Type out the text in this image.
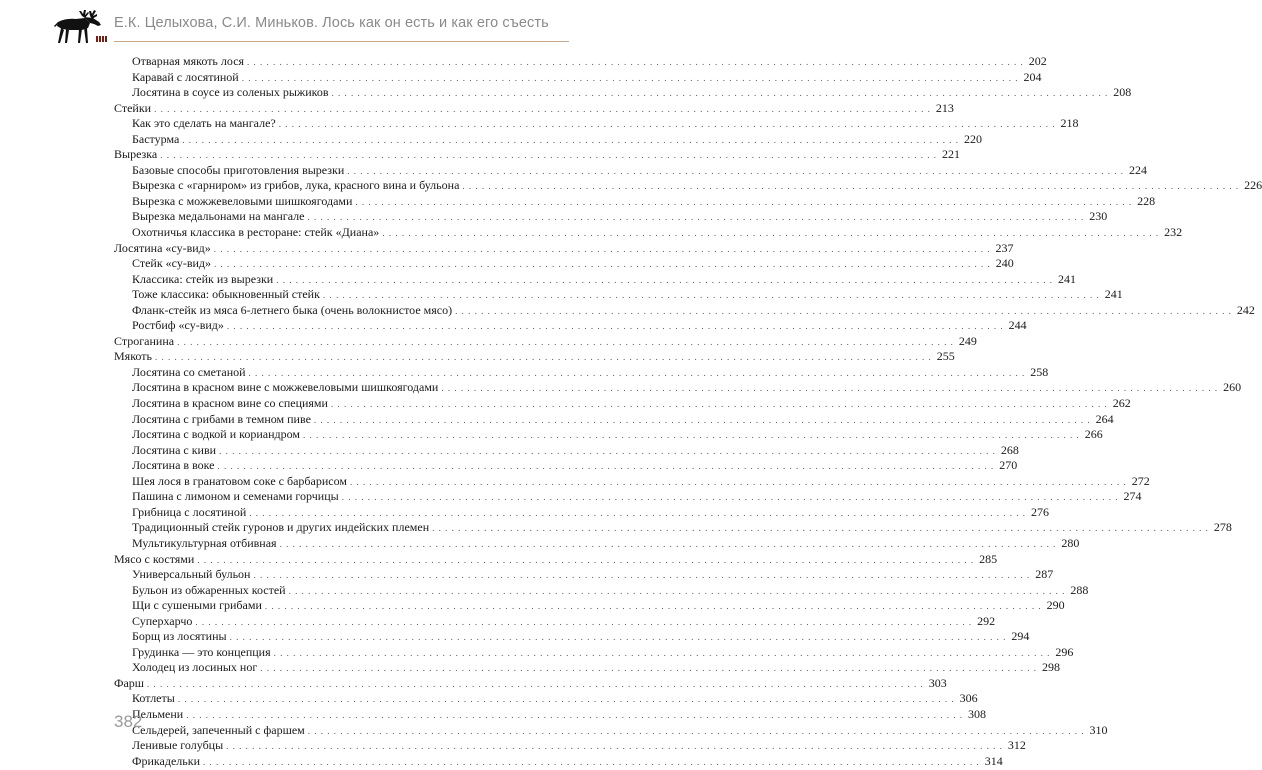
Е.К. Целыхова, С.И. Миньков. Лось как он есть и как его съесть
Отварная мякоть лося . . . . . . . . . . . . . . . . . . . . . . . . . . . . . . . . . . . . . . . . . . . . . . . . . . . . . . . . . . . . . . . . . . . . . . . . . . . . . . . . . . . . . . . . . . . . . . . . . . . . . . . . . . . . . . . . . . . . . . . . 202
Каравай с лосятиной . . . . . . . . . . . . . . . . . . . . . . . . . . . . . . . . . . . . . . . . . . . . . . . . . . . . . . . . . . . . . . . . . . . . . . . . . . . . . . . . . . . . . . . . . . . . . . . . . . . . . . . . . . . . . . . . . . . . . . . . 204
Лосятина в соусе из соленых рыжиков . . . . . . . . . . . . . . . . . . . . . . . . . . . . . . . . . . . . . . . . . . . . . . . . . . . . . . . . . . . . . . . . . . . . . . . . . . . . . . . . . . . . . . . . . . . . . . . . . . . . . . . . . . . . . . . . . . . . . . . . 208
Стейки . . . . . . . . . . . . . . . . . . . . . . . . . . . . . . . . . . . . . . . . . . . . . . . . . . . . . . . . . . . . . . . . . . . . . . . . . . . . . . . . . . . . . . . . . . . . . . . . . . . . . . . . . . . . . . . . . . . . . . . . 213
Как это сделать на мангале? . . . . . . . . . . . . . . . . . . . . . . . . . . . . . . . . . . . . . . . . . . . . . . . . . . . . . . . . . . . . . . . . . . . . . . . . . . . . . . . . . . . . . . . . . . . . . . . . . . . . . . . . . . . . . . . . . . . . . . . . 218
Бастурма . . . . . . . . . . . . . . . . . . . . . . . . . . . . . . . . . . . . . . . . . . . . . . . . . . . . . . . . . . . . . . . . . . . . . . . . . . . . . . . . . . . . . . . . . . . . . . . . . . . . . . . . . . . . . . . . . . . . . . . . 220
Вырезка . . . . . . . . . . . . . . . . . . . . . . . . . . . . . . . . . . . . . . . . . . . . . . . . . . . . . . . . . . . . . . . . . . . . . . . . . . . . . . . . . . . . . . . . . . . . . . . . . . . . . . . . . . . . . . . . . . . . . . . . 221
Базовые способы приготовления вырезки . . . . . . . . . . . . . . . . . . . . . . . . . . . . . . . . . . . . . . . . . . . . . . . . . . . . . . . . . . . . . . . . . . . . . . . . . . . . . . . . . . . . . . . . . . . . . . . . . . . . . . . . . . . . . . . . . . . . . . . . 224
Вырезка с «гарниром» из грибов, лука, красного вина и бульона . . . . . . . . . . . . . . . . . . . . . . . . . . . . . . . . . . . . . . . . . . . . . . . . . . . . . . . . . . . . . . . . . . . . . . . . . . . . . . . . . . . . . . . . . . . . . . . . . . . . . . . . . . . . . . . . . . . . . . . . 226
Вырезка с можжевеловыми шишкоягодами . . . . . . . . . . . . . . . . . . . . . . . . . . . . . . . . . . . . . . . . . . . . . . . . . . . . . . . . . . . . . . . . . . . . . . . . . . . . . . . . . . . . . . . . . . . . . . . . . . . . . . . . . . . . . . . . . . . . . . . . 228
Вырезка медальонами на мангале . . . . . . . . . . . . . . . . . . . . . . . . . . . . . . . . . . . . . . . . . . . . . . . . . . . . . . . . . . . . . . . . . . . . . . . . . . . . . . . . . . . . . . . . . . . . . . . . . . . . . . . . . . . . . . . . . . . . . . . . 230
Охотничья классика в ресторане: стейк «Диана» . . . . . . . . . . . . . . . . . . . . . . . . . . . . . . . . . . . . . . . . . . . . . . . . . . . . . . . . . . . . . . . . . . . . . . . . . . . . . . . . . . . . . . . . . . . . . . . . . . . . . . . . . . . . . . . . . . . . . . . . 232
Лосятина «су-вид» . . . . . . . . . . . . . . . . . . . . . . . . . . . . . . . . . . . . . . . . . . . . . . . . . . . . . . . . . . . . . . . . . . . . . . . . . . . . . . . . . . . . . . . . . . . . . . . . . . . . . . . . . . . . . . . . . . . . . . . . 237
Стейк «су-вид» . . . . . . . . . . . . . . . . . . . . . . . . . . . . . . . . . . . . . . . . . . . . . . . . . . . . . . . . . . . . . . . . . . . . . . . . . . . . . . . . . . . . . . . . . . . . . . . . . . . . . . . . . . . . . . . . . . . . . . . . 240
Классика: стейк из вырезки . . . . . . . . . . . . . . . . . . . . . . . . . . . . . . . . . . . . . . . . . . . . . . . . . . . . . . . . . . . . . . . . . . . . . . . . . . . . . . . . . . . . . . . . . . . . . . . . . . . . . . . . . . . . . . . . . . . . . . . . 241
Тоже классика: обыкновенный стейк . . . . . . . . . . . . . . . . . . . . . . . . . . . . . . . . . . . . . . . . . . . . . . . . . . . . . . . . . . . . . . . . . . . . . . . . . . . . . . . . . . . . . . . . . . . . . . . . . . . . . . . . . . . . . . . . . . . . . . . . 241
Фланк-стейк из мяса 6-летнего быка (очень волокнистое мясо) . . . . . . . . . . . . . . . . . . . . . . . . . . . . . . . . . . . . . . . . . . . . . . . . . . . . . . . . . . . . . . . . . . . . . . . . . . . . . . . . . . . . . . . . . . . . . . . . . . . . . . . . . . . . . . . . . . . . . . . . 242
Ростбиф «су-вид» . . . . . . . . . . . . . . . . . . . . . . . . . . . . . . . . . . . . . . . . . . . . . . . . . . . . . . . . . . . . . . . . . . . . . . . . . . . . . . . . . . . . . . . . . . . . . . . . . . . . . . . . . . . . . . . . . . . . . . . . 244
Строганина . . . . . . . . . . . . . . . . . . . . . . . . . . . . . . . . . . . . . . . . . . . . . . . . . . . . . . . . . . . . . . . . . . . . . . . . . . . . . . . . . . . . . . . . . . . . . . . . . . . . . . . . . . . . . . . . . . . . . . . . 249
Мякоть . . . . . . . . . . . . . . . . . . . . . . . . . . . . . . . . . . . . . . . . . . . . . . . . . . . . . . . . . . . . . . . . . . . . . . . . . . . . . . . . . . . . . . . . . . . . . . . . . . . . . . . . . . . . . . . . . . . . . . . . 255
Лосятина со сметаной . . . . . . . . . . . . . . . . . . . . . . . . . . . . . . . . . . . . . . . . . . . . . . . . . . . . . . . . . . . . . . . . . . . . . . . . . . . . . . . . . . . . . . . . . . . . . . . . . . . . . . . . . . . . . . . . . . . . . . . . 258
Лосятина в красном вине с можжевеловыми шишкоягодами . . . . . . . . . . . . . . . . . . . . . . . . . . . . . . . . . . . . . . . . . . . . . . . . . . . . . . . . . . . . . . . . . . . . . . . . . . . . . . . . . . . . . . . . . . . . . . . . . . . . . . . . . . . . . . . . . . . . . . . . 260
Лосятина в красном вине со специями . . . . . . . . . . . . . . . . . . . . . . . . . . . . . . . . . . . . . . . . . . . . . . . . . . . . . . . . . . . . . . . . . . . . . . . . . . . . . . . . . . . . . . . . . . . . . . . . . . . . . . . . . . . . . . . . . . . . . . . . 262
Лосятина с грибами в темном пиве . . . . . . . . . . . . . . . . . . . . . . . . . . . . . . . . . . . . . . . . . . . . . . . . . . . . . . . . . . . . . . . . . . . . . . . . . . . . . . . . . . . . . . . . . . . . . . . . . . . . . . . . . . . . . . . . . . . . . . . . 264
Лосятина с водкой и кориандром . . . . . . . . . . . . . . . . . . . . . . . . . . . . . . . . . . . . . . . . . . . . . . . . . . . . . . . . . . . . . . . . . . . . . . . . . . . . . . . . . . . . . . . . . . . . . . . . . . . . . . . . . . . . . . . . . . . . . . . . 266
Лосятина с киви . . . . . . . . . . . . . . . . . . . . . . . . . . . . . . . . . . . . . . . . . . . . . . . . . . . . . . . . . . . . . . . . . . . . . . . . . . . . . . . . . . . . . . . . . . . . . . . . . . . . . . . . . . . . . . . . . . . . . . . . 268
Лосятина в воке . . . . . . . . . . . . . . . . . . . . . . . . . . . . . . . . . . . . . . . . . . . . . . . . . . . . . . . . . . . . . . . . . . . . . . . . . . . . . . . . . . . . . . . . . . . . . . . . . . . . . . . . . . . . . . . . . . . . . . . . 270
Шея лося в гранатовом соке с барбарисом . . . . . . . . . . . . . . . . . . . . . . . . . . . . . . . . . . . . . . . . . . . . . . . . . . . . . . . . . . . . . . . . . . . . . . . . . . . . . . . . . . . . . . . . . . . . . . . . . . . . . . . . . . . . . . . . . . . . . . . . 272
Пашина с лимоном и семенами горчицы . . . . . . . . . . . . . . . . . . . . . . . . . . . . . . . . . . . . . . . . . . . . . . . . . . . . . . . . . . . . . . . . . . . . . . . . . . . . . . . . . . . . . . . . . . . . . . . . . . . . . . . . . . . . . . . . . . . . . . . . 274
Грибница с лосятиной . . . . . . . . . . . . . . . . . . . . . . . . . . . . . . . . . . . . . . . . . . . . . . . . . . . . . . . . . . . . . . . . . . . . . . . . . . . . . . . . . . . . . . . . . . . . . . . . . . . . . . . . . . . . . . . . . . . . . . . . 276
Традиционный стейк гуронов и других индейских племен . . . . . . . . . . . . . . . . . . . . . . . . . . . . . . . . . . . . . . . . . . . . . . . . . . . . . . . . . . . . . . . . . . . . . . . . . . . . . . . . . . . . . . . . . . . . . . . . . . . . . . . . . . . . . . . . . . . . . . . . 278
Мультикультурная отбивная . . . . . . . . . . . . . . . . . . . . . . . . . . . . . . . . . . . . . . . . . . . . . . . . . . . . . . . . . . . . . . . . . . . . . . . . . . . . . . . . . . . . . . . . . . . . . . . . . . . . . . . . . . . . . . . . . . . . . . . . 280
Мясо с костями . . . . . . . . . . . . . . . . . . . . . . . . . . . . . . . . . . . . . . . . . . . . . . . . . . . . . . . . . . . . . . . . . . . . . . . . . . . . . . . . . . . . . . . . . . . . . . . . . . . . . . . . . . . . . . . . . . . . . . . . 285
Универсальный бульон . . . . . . . . . . . . . . . . . . . . . . . . . . . . . . . . . . . . . . . . . . . . . . . . . . . . . . . . . . . . . . . . . . . . . . . . . . . . . . . . . . . . . . . . . . . . . . . . . . . . . . . . . . . . . . . . . . . . . . . . 287
Бульон из обжаренных костей . . . . . . . . . . . . . . . . . . . . . . . . . . . . . . . . . . . . . . . . . . . . . . . . . . . . . . . . . . . . . . . . . . . . . . . . . . . . . . . . . . . . . . . . . . . . . . . . . . . . . . . . . . . . . . . . . . . . . . . . 288
Щи с сушеными грибами . . . . . . . . . . . . . . . . . . . . . . . . . . . . . . . . . . . . . . . . . . . . . . . . . . . . . . . . . . . . . . . . . . . . . . . . . . . . . . . . . . . . . . . . . . . . . . . . . . . . . . . . . . . . . . . . . . . . . . . . 290
Суперхарчо . . . . . . . . . . . . . . . . . . . . . . . . . . . . . . . . . . . . . . . . . . . . . . . . . . . . . . . . . . . . . . . . . . . . . . . . . . . . . . . . . . . . . . . . . . . . . . . . . . . . . . . . . . . . . . . . . . . . . . . . 292
Борщ из лосятины . . . . . . . . . . . . . . . . . . . . . . . . . . . . . . . . . . . . . . . . . . . . . . . . . . . . . . . . . . . . . . . . . . . . . . . . . . . . . . . . . . . . . . . . . . . . . . . . . . . . . . . . . . . . . . . . . . . . . . . . 294
Грудинка — это концепция . . . . . . . . . . . . . . . . . . . . . . . . . . . . . . . . . . . . . . . . . . . . . . . . . . . . . . . . . . . . . . . . . . . . . . . . . . . . . . . . . . . . . . . . . . . . . . . . . . . . . . . . . . . . . . . . . . . . . . . . 296
Холодец из лосиных ног . . . . . . . . . . . . . . . . . . . . . . . . . . . . . . . . . . . . . . . . . . . . . . . . . . . . . . . . . . . . . . . . . . . . . . . . . . . . . . . . . . . . . . . . . . . . . . . . . . . . . . . . . . . . . . . . . . . . . . . . 298
Фарш . . . . . . . . . . . . . . . . . . . . . . . . . . . . . . . . . . . . . . . . . . . . . . . . . . . . . . . . . . . . . . . . . . . . . . . . . . . . . . . . . . . . . . . . . . . . . . . . . . . . . . . . . . . . . . . . . . . . . . . . 303
Котлеты . . . . . . . . . . . . . . . . . . . . . . . . . . . . . . . . . . . . . . . . . . . . . . . . . . . . . . . . . . . . . . . . . . . . . . . . . . . . . . . . . . . . . . . . . . . . . . . . . . . . . . . . . . . . . . . . . . . . . . . . 306
Пельмени . . . . . . . . . . . . . . . . . . . . . . . . . . . . . . . . . . . . . . . . . . . . . . . . . . . . . . . . . . . . . . . . . . . . . . . . . . . . . . . . . . . . . . . . . . . . . . . . . . . . . . . . . . . . . . . . . . . . . . . . 308
Сельдерей, запеченный с фаршем . . . . . . . . . . . . . . . . . . . . . . . . . . . . . . . . . . . . . . . . . . . . . . . . . . . . . . . . . . . . . . . . . . . . . . . . . . . . . . . . . . . . . . . . . . . . . . . . . . . . . . . . . . . . . . . . . . . . . . . . 310
Ленивые голубцы . . . . . . . . . . . . . . . . . . . . . . . . . . . . . . . . . . . . . . . . . . . . . . . . . . . . . . . . . . . . . . . . . . . . . . . . . . . . . . . . . . . . . . . . . . . . . . . . . . . . . . . . . . . . . . . . . . . . . . . . 312
Фрикадельки . . . . . . . . . . . . . . . . . . . . . . . . . . . . . . . . . . . . . . . . . . . . . . . . . . . . . . . . . . . . . . . . . . . . . . . . . . . . . . . . . . . . . . . . . . . . . . . . . . . . . . . . . . . . . . . . . . . . . . . . 314
382
